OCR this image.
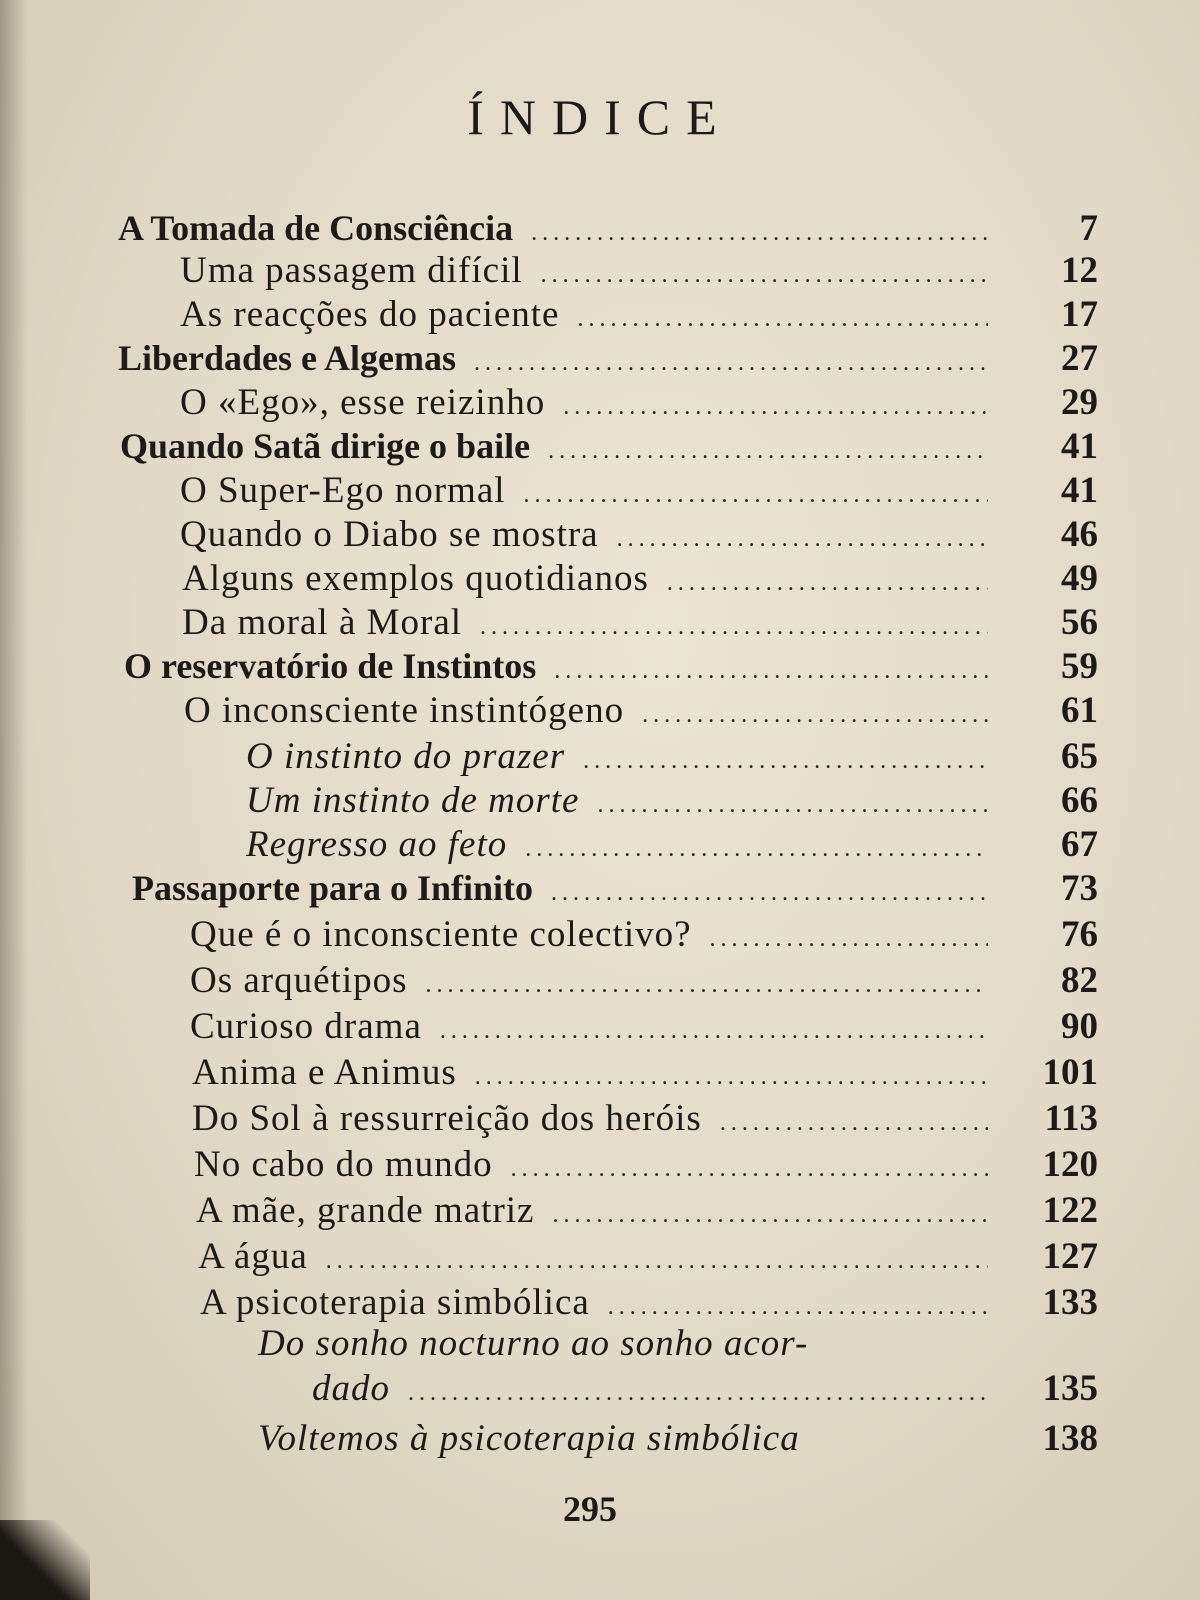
ÍNDICE
A Tomada de Consciência .....	7
Uma passagem difícil .....	12
As reacções do paciente .....	17
Liberdades e Algemas .....	27
O «Ego», esse reizinho .....	29
Quando Satã dirige o baile .....	41
O Super-Ego normal .....	41
Quando o Diabo se mostra .....	46
Alguns exemplos quotidianos .....	49
Da moral à Moral .....	56
O reservatório de Instintos .....	59
O inconsciente instintógeno .....	61
O instinto do prazer .....	65
Um instinto de morte .....	66
Regresso ao feto .....	67
Passaporte para o Infinito .....	73
Que é o inconsciente colectivo? .....	76
Os arquétipos .....	82
Curioso drama .....	90
Anima e Animus .....	101
Do Sol à ressurreição dos heróis .....	113
No cabo do mundo .....	120
A mãe, grande matriz .....	122
A água .....	127
A psicoterapia simbólica .....	133
Do sonho nocturno ao sonho acor-
dado .....	135
Voltemos à psicoterapia simbólica	138
295
